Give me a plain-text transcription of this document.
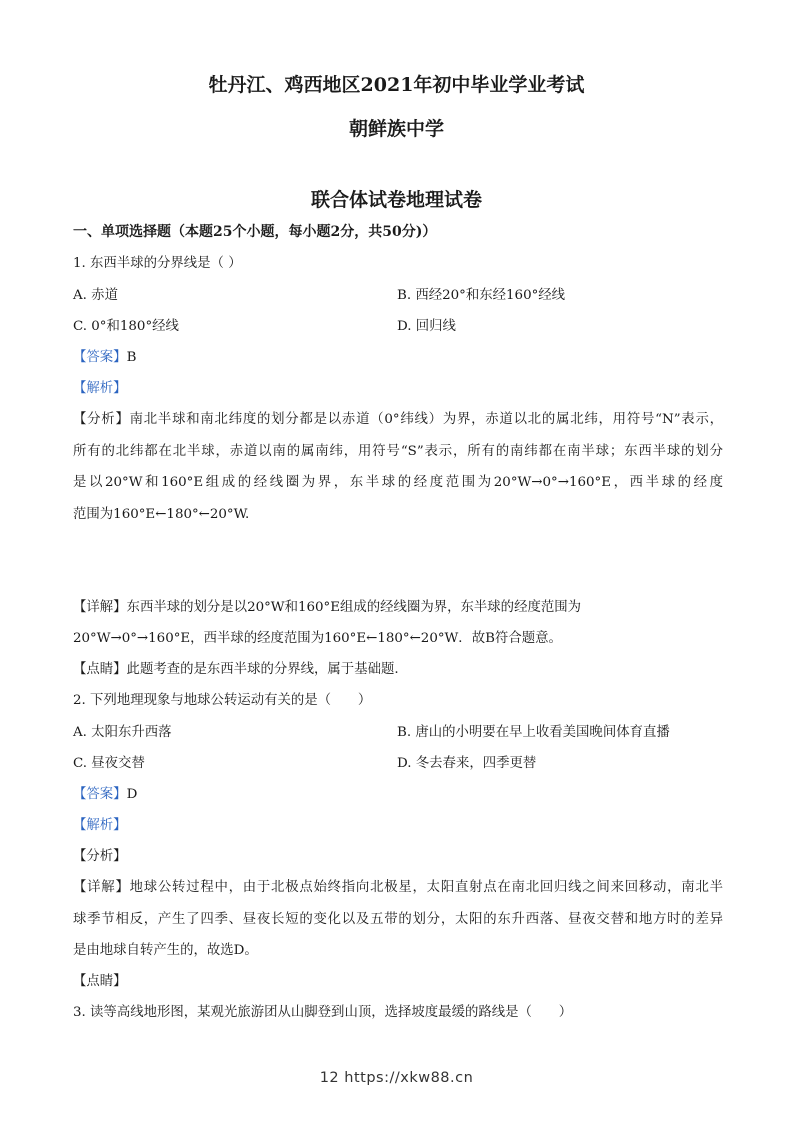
牡丹江、鸡西地区2021年初中毕业学业考试
朝鲜族中学
联合体试卷地理试卷
一、单项选择题（本题25个小题，每小题2分，共50分)）
1. 东西半球的分界线是（ ）
A. 赤道	B. 西经20°和东经160°经线
C. 0°和180°经线	D. 回归线
【答案】B
【解析】
【分析】南北半球和南北纬度的划分都是以赤道（0°纬线）为界，赤道以北的属北纬，用符号“N”表示，
所有的北纬都在北半球，赤道以南的属南纬，用符号“S”表示，所有的南纬都在南半球；东西半球的划分
是以20°W和160°E组成的经线圈为界，东半球的经度范围为20°W→0°→160°E，西半球的经度
范围为160°E←180°←20°W.
【详解】东西半球的划分是以20°W和160°E组成的经线圈为界，东半球的经度范围为
20°W→0°→160°E，西半球的经度范围为160°E←180°←20°W．故B符合题意。
【点睛】此题考查的是东西半球的分界线，属于基础题.
2. 下列地理现象与地球公转运动有关的是（　　）
A. 太阳东升西落	B. 唐山的小明要在早上收看美国晚间体育直播
C. 昼夜交替	D. 冬去春来，四季更替
【答案】D
【解析】
【分析】
【详解】地球公转过程中，由于北极点始终指向北极星，太阳直射点在南北回归线之间来回移动，南北半
球季节相反，产生了四季、昼夜长短的变化以及五带的划分，太阳的东升西落、昼夜交替和地方时的差异
是由地球自转产生的，故选D。
【点睛】
3. 读等高线地形图，某观光旅游团从山脚登到山顶，选择坡度最缓的路线是（　　）
12 https://xkw88.cn
